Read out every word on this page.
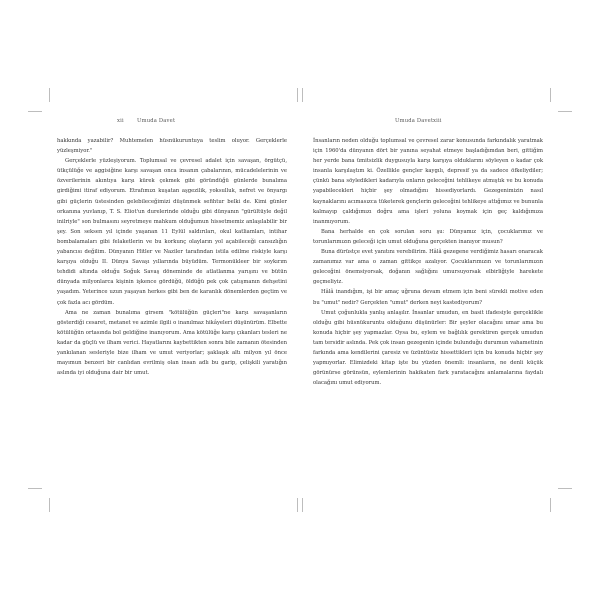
xii	Umuda Davet

hakkında yazabilir? Muhtemelen hüsnükuruntuya teslim oluyor. Gerçeklerle yüzleşmiyor."

Gerçeklerle yüzleşiyorum. Toplumsal ve çevresel adalet için savaşan, örgütçü, ütkçülüğe ve aggisiğine karşı savaşan onca insanın çabalarının, mücadelelerinin ve özverilerinin akıntıya karşı kürek çekmek gibi göründüğü günlerde bunalıma girdiğimi itiraf ediyorum. Etrafımızı kuşatan aşgezilik, yoksulluk, nefret ve önyargı gibi güçlerin üstesinden gelebileceğimizi düşünmek sefihtur belki de. Kimi günler orkanına yuvlanıp, T. S. Eliot'un durelerinde olduğu gibi dünyanın "gürültüyle değil inilriyle" son bulmasını seyretmeye mahkum olduğumun hissetmemiz anlaşılabilir bir şey. Son seksen yıl içinde yaşanan 11 Eylül saldırıları, okul katliamları, intihar bombalamaları gibi felaketlerin ve bu korkunç olayların yol açabileceği cansızlığın yabancısı değilim. Dünyanın Hitler ve Naziler tarafından istila edilme riskiyle karşı karşıya olduğu II. Dünya Savaşı yıllarında büyüdüm. Termonükleer bir soykırım tehdidi altında olduğu Soğuk Savaş döneminde de atlatlanma yarışını ve bütün dünyada milyonlarca kişinin işkence gördüğü, öldüğü pek çok çatışmanın dehşetini yaşadım. Yeterince uzun yaşayan herkes gibi ben de karanlık dönemlerden geçtim ve çok fazla acı gördüm.

Ama ne zaman bunalıma girsem "kötülüğün güçleri"ne karşı savaşanların gösterdiği cesaret, metanet ve azimle ilgili o inanılmaz hikâyeleri düşünürüm. Elbette kötülüğün ortasında bol geldiğine inanıyorum. Ama kötülüğe karşı çıkanları tesleri ne kadar da güçlü ve ilham verici. Hayatlarını kaybettikten sonra bile zamanın ötesinden yankılanan sesleriyle bize ilham ve umut veriyorlar; şaklaşık altı milyon yıl önce mayımun benzeri bir canlıdan evrilmiş olan insan adlı bu garip, çelişkili yaratığın aslında iyi olduğuna dair bir umut.

Umuda Davet xiii

İnsanların neden olduğu toplumsal ve çevresel zarar konusunda farkındalık yaratmak için 1960'da dünyanın dört bir yanına seyahat etmeye başladığımdan beri, gittiğim her yerde bana ümitsizlik duygusuyla karşı karşıya olduklarını söyleyen o kadar çok insanla karşılaştım ki. Özellikle gençler kaygılı, depresif ya da sadece öfkeliydiler; çünkü bana söyledikleri kadarıyla onların geleceğini tehlikeye atmıştık ve bu konuda yapabilecekleri hiçbir şey olmadığını hissediyorlardı. Gezegenimizin nasıl kaynaklarını acımasızca tüketerek gençlerin geleceğini tehlikeye attığımız ve bununla kalmayıp çaldığımızı doğru ama işleri yoluna koymak için geç kaldığımıza inanmıyorum.

Bana herhalde en çok sorulan soru şu: Dünyamız için, çocuklarımız ve torunlarımızın geleceği için umut olduğuna gerçekten inanıyor musun?

Buna dürüstçe evet yanıtını verebilirim. Hâlâ gezegene verdiğimiz hasarı onaracak zamanımız var ama o zaman gittikçe azalıyor. Çocuklarımızın ve torunlarımızın geleceğini önemsiyorsak, doğanın sağlığını umursuyorsak elbirliğiyle harekete geçmeliyiz.

Hâlâ inandığım, işi bir amaç uğruna devam etmem için beni sürekli motive eden bu "umut" nedir? Gerçekten "umut" derken neyi kastediyorum?

Umut çoğunlukla yanlış anlaşılır. İnsanlar umudun, en basit ifadesiyle gerçeklikle olduğu gibi hüsnükuruntu olduğunu düşünürler: Bir şeyler olacağını umar ama bu konuda hiçbir şey yapmazlar. Oysa bu, eylem ve bağlılık gerektiren gerçek umudun tam tersidir aslında. Pek çok insan gezegenin içinde bulunduğu durumun vahametinin farkında ama kendilerini çaresiz ve üzüntüsüz hissettikleri için bu konuda hiçbir şey yapmıyorlar. Elimizdeki kitap işte bu yüzden önemli: insanların, ne denli küçük görünürse görünsün, eylemlerinin hakikaten fark yaratacağını anlamalarına faydalı olacağını umut ediyorum.
